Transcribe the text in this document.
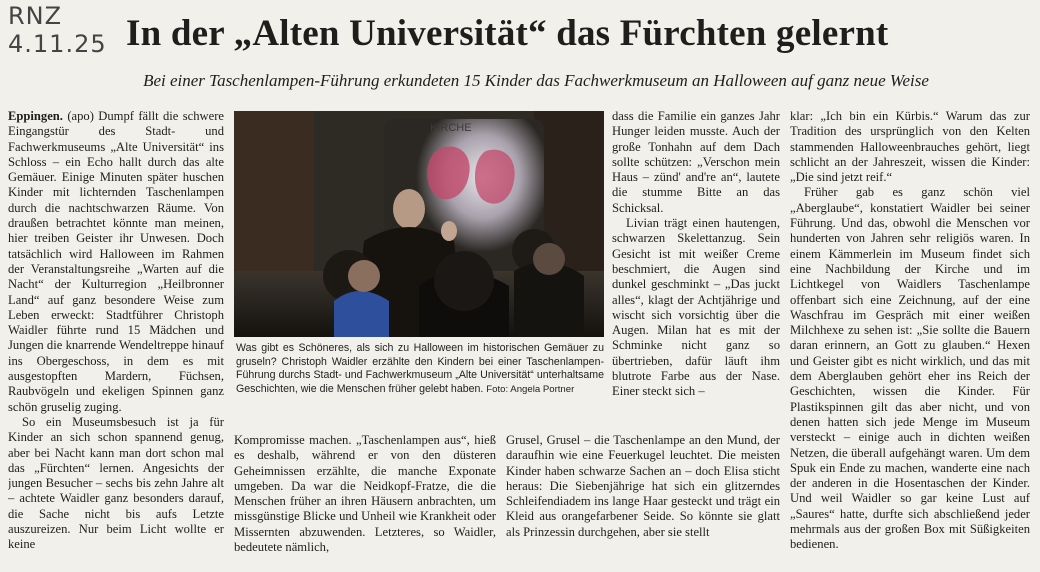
RNZ
4.11.25 In der „Alten Universität“ das Fürchten gelernt
Bei einer Taschenlampen-Führung erkundeten 15 Kinder das Fachwerkmuseum an Halloween auf ganz neue Weise

Eppingen. (apo) Dumpf fällt die schwere Eingangstür des Stadt- und Fachwerkmuseums „Alte Universität“ ins Schloss – ein Echo hallt durch das alte Gemäuer. Einige Minuten später huschen Kinder mit lichternden Taschenlampen durch die nachtschwarzen Räume. Von draußen betrachtet könnte man meinen, hier treiben Geister ihr Unwesen. Doch tatsächlich wird Halloween im Rahmen der Veranstaltungsreihe „Warten auf die Nacht“ der Kulturregion „Heilbronner Land“ auf ganz besondere Weise zum Leben erweckt: Stadtführer Christoph Waidler führte rund 15 Mädchen und Jungen die knarrende Wendeltreppe hinauf ins Obergeschoss, in dem es mit ausgestopften Mardern, Füchsen, Raubvögeln und ekeligen Spinnen ganz schön gruselig zuging.

So ein Museumsbesuch ist ja für Kinder an sich schon spannend genug, aber bei Nacht kann man dort schon mal das „Fürchten“ lernen. Angesichts der jungen Besucher – sechs bis zehn Jahre alt – achtete Waidler ganz besonders darauf, die Sache nicht bis aufs Letzte auszureizen. Nur beim Licht wollte er keine

KIRCHE
Was gibt es Schöneres, als sich zu Halloween im historischen Gemäuer zu gruseln? Christoph Waidler erzählte den Kindern bei einer Taschenlampen-Führung durchs Stadt- und Fachwerkmuseum „Alte Universität“ unterhaltsame Geschichten, wie die Menschen früher gelebt haben. Foto: Angela Portner

Kompromisse machen. „Taschenlampen aus“, hieß es deshalb, während er von den düsteren Geheimnissen erzählte, die manche Exponate umgeben. Da war die Neidkopf-Fratze, die die Menschen früher an ihren Häusern anbrachten, um missgünstige Blicke und Unheil wie Krankheit oder Missernten abzuwenden. Letzteres, so Waidler, bedeutete nämlich,

dass die Familie ein ganzes Jahr Hunger leiden musste. Auch der große Tonhahn auf dem Dach sollte schützen: „Verschon mein Haus – zünd' and're an“, lautete die stumme Bitte an das Schicksal.

Livian trägt einen hautengen, schwarzen Skelettanzug. Sein Gesicht ist mit weißer Creme beschmiert, die Augen sind dunkel geschminkt – „Das juckt alles“, klagt der Achtjährige und wischt sich vorsichtig über die Augen. Milan hat es mit der Schminke nicht ganz so übertrieben, dafür läuft ihm blutrote Farbe aus der Nase. Einer steckt sich –

Grusel, Grusel – die Taschenlampe an den Mund, der daraufhin wie eine Feuerkugel leuchtet. Die meisten Kinder haben schwarze Sachen an – doch Elisa sticht heraus: Die Siebenjährige hat sich ein glitzerndes Schleifendiadem ins lange Haar gesteckt und trägt ein Kleid aus orangefarbener Seide. So könnte sie glatt als Prinzessin durchgehen, aber sie stellt

klar: „Ich bin ein Kürbis.“ Warum das zur Tradition des ursprünglich von den Kelten stammenden Halloweenbrauches gehört, liegt schlicht an der Jahreszeit, wissen die Kinder: „Die sind jetzt reif.“

Früher gab es ganz schön viel „Aberglaube“, konstatiert Waidler bei seiner Führung. Und das, obwohl die Menschen vor hunderten von Jahren sehr religiös waren. In einem Kämmerlein im Museum findet sich eine Nachbildung der Kirche und im Lichtkegel von Waidlers Taschenlampe offenbart sich eine Zeichnung, auf der eine Waschfrau im Gespräch mit einer weißen Milchhexe zu sehen ist: „Sie sollte die Bauern daran erinnern, an Gott zu glauben.“ Hexen und Geister gibt es nicht wirklich, und das mit dem Aberglauben gehört eher ins Reich der Geschichten, wissen die Kinder. Für Plastikspinnen gilt das aber nicht, und von denen hatten sich jede Menge im Museum versteckt – einige auch in dichten weißen Netzen, die überall aufgehängt waren. Um dem Spuk ein Ende zu machen, wanderte eine nach der anderen in die Hosentaschen der Kinder. Und weil Waidler so gar keine Lust auf „Saures“ hatte, durfte sich abschließend jeder mehrmals aus der großen Box mit Süßigkeiten bedienen.
